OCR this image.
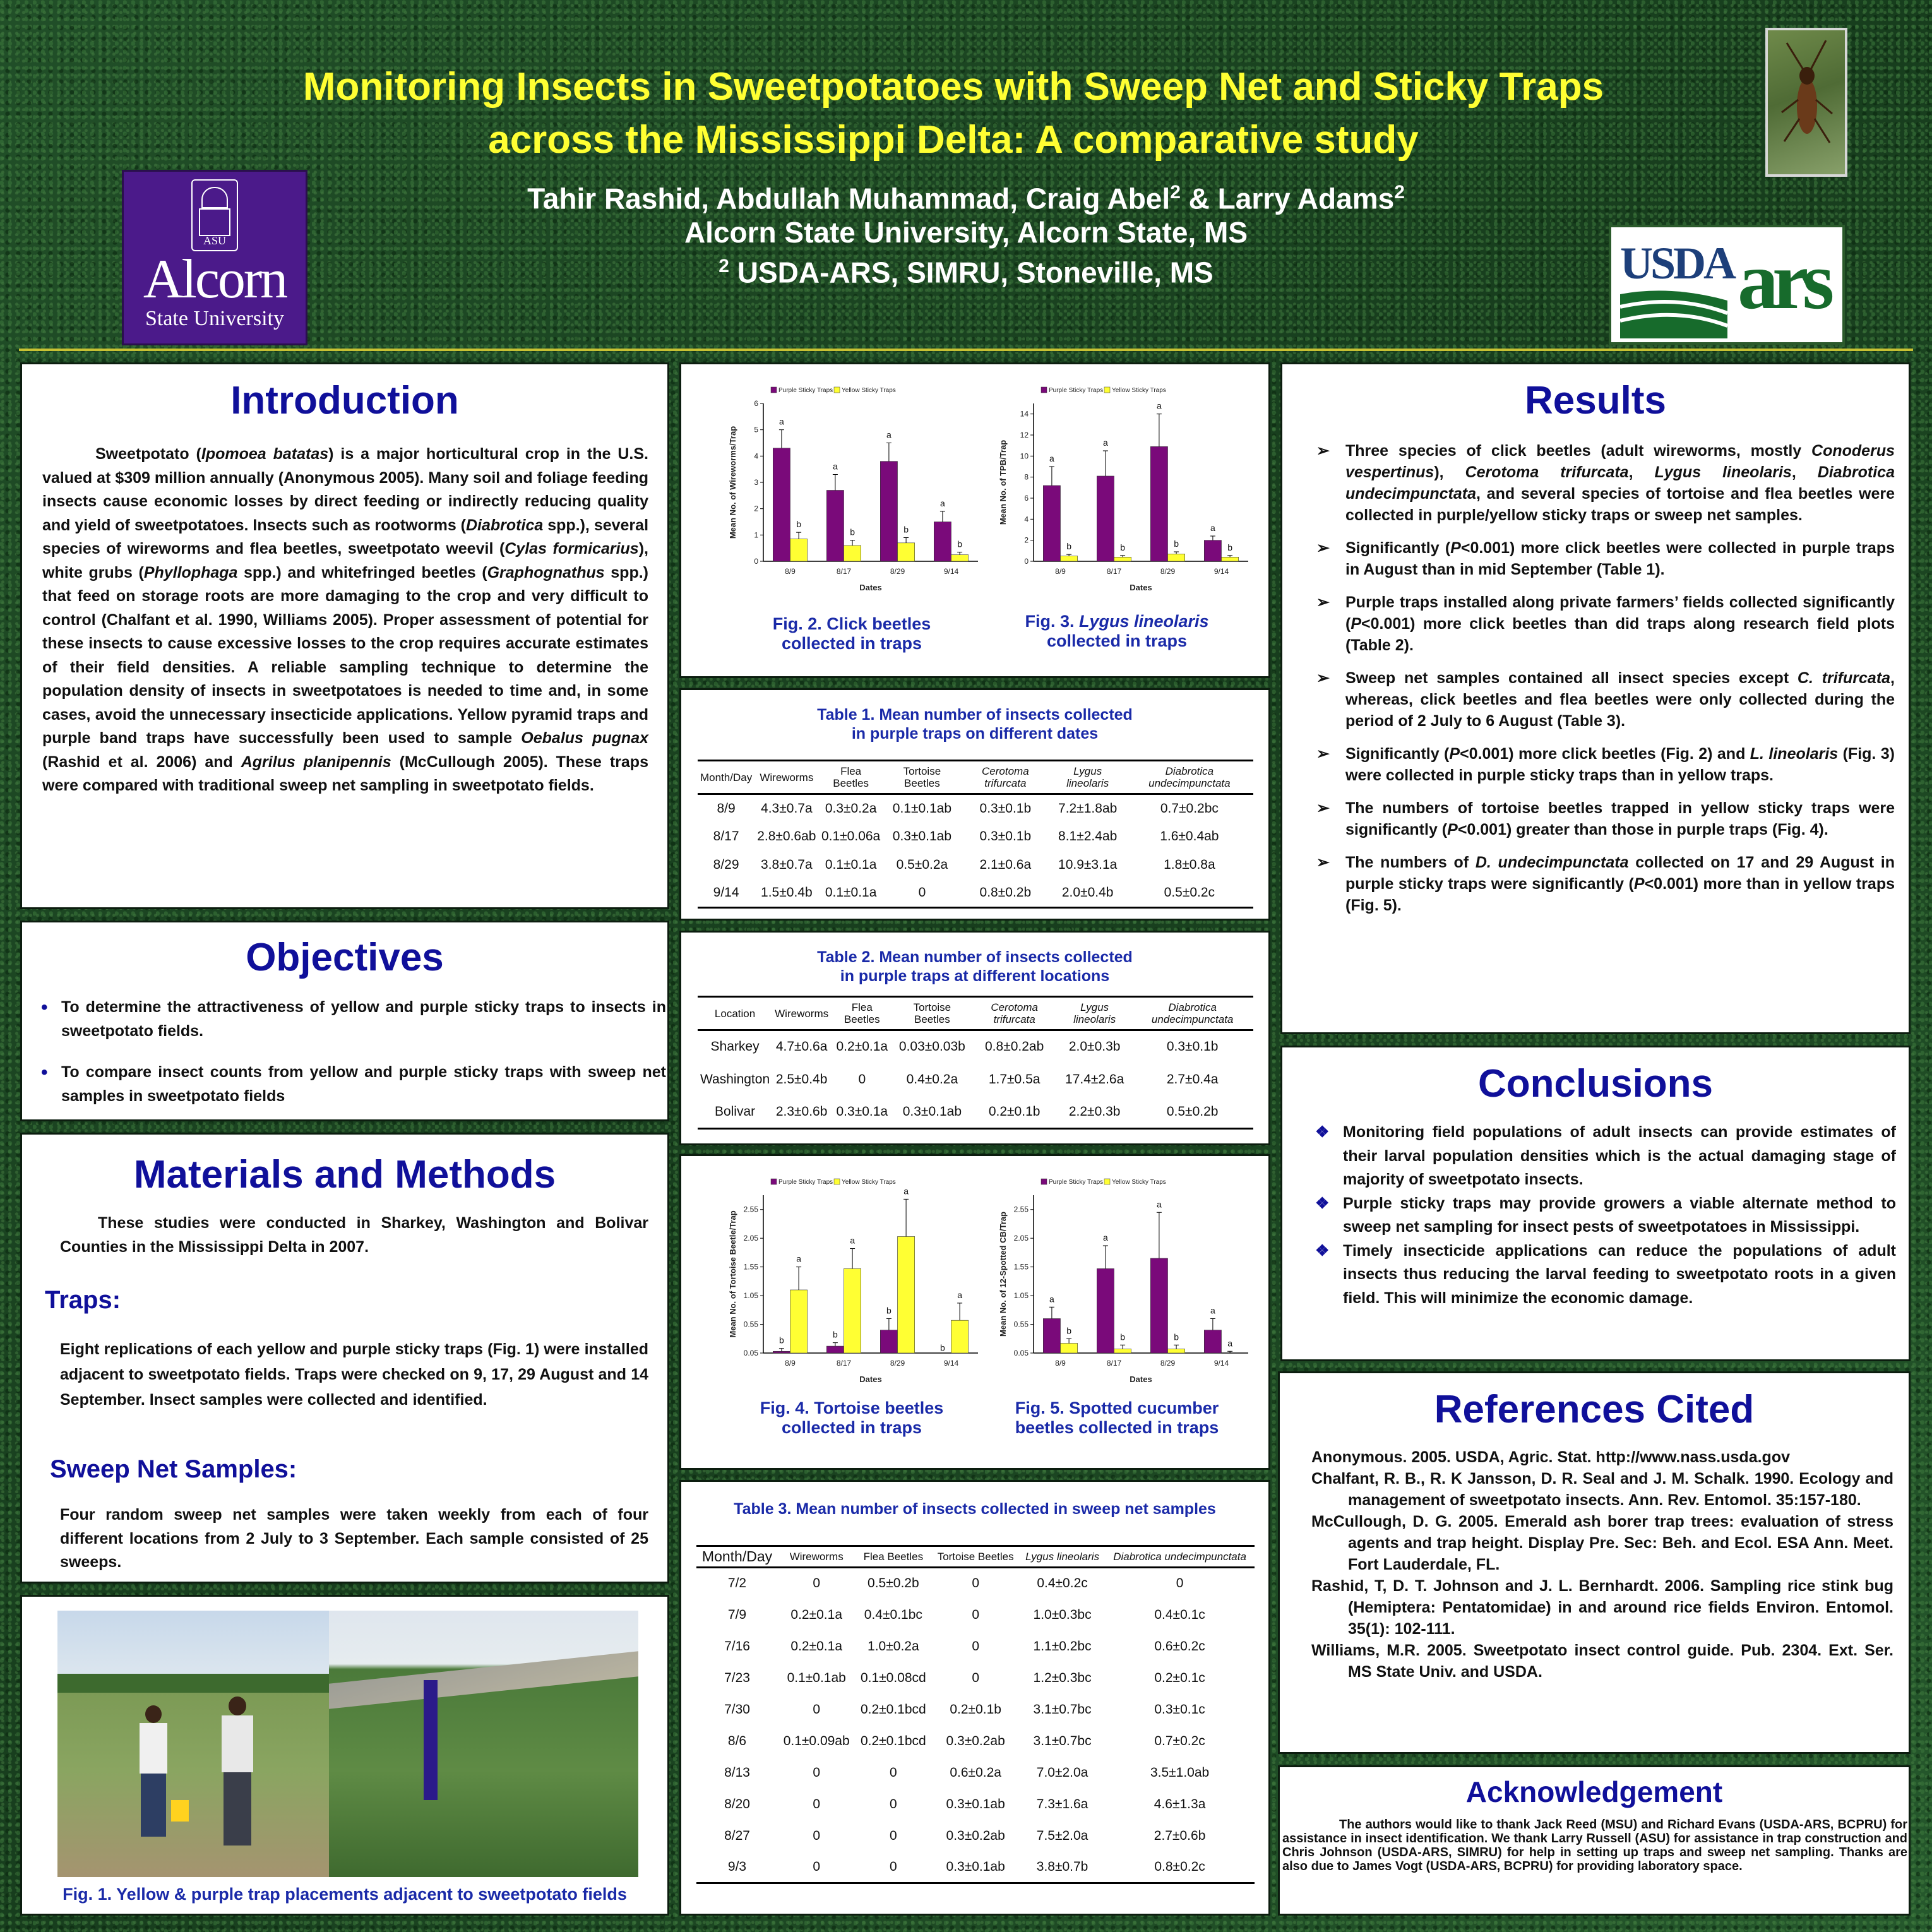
Monitoring Insects in Sweetpotatoes with Sweep Net and Sticky Traps
across the Mississippi Delta: A comparative study
Tahir Rashid, Abdullah Muhammad, Craig Abel$^2$ & Larry Adams$^2$
Alcorn State University, Alcorn State, MS
$^2$ USDA-ARS, SIMRU, Stoneville, MS
ASU
Alcorn
State University
USDA ars
Introduction
Sweetpotato (Ipomoea batatas) is a major horticultural crop in the U.S. valued at $309 million annually (Anonymous 2005). Many soil and foliage feeding insects cause economic losses by direct feeding or indirectly reducing quality and yield of sweetpotatoes. Insects such as rootworms (Diabrotica spp.), several species of wireworms and flea beetles, sweetpotato weevil (Cylas formicarius), white grubs (Phyllophaga spp.) and whitefringed beetles (Graphognathus spp.) that feed on storage roots are more damaging to the crop and very difficult to control (Chalfant et al. 1990, Williams 2005). Proper assessment of potential for these insects to cause excessive losses to the crop requires accurate estimates of their field densities. A reliable sampling technique to determine the population density of insects in sweetpotatoes is needed to time and, in some cases, avoid the unnecessary insecticide applications. Yellow pyramid traps and purple band traps have successfully been used to sample Oebalus pugnax (Rashid et al. 2006) and Agrilus planipennis (McCullough 2005). These traps were compared with traditional sweep net sampling in sweetpotato fields.
Objectives
• To determine the attractiveness of yellow and purple sticky traps to insects in sweetpotato fields.
• To compare insect counts from yellow and purple sticky traps with sweep net samples in sweetpotato fields
Materials and Methods
These studies were conducted in Sharkey, Washington and Bolivar Counties in the Mississippi Delta in 2007.
Traps:
Eight replications of each yellow and purple sticky traps (Fig. 1) were installed adjacent to sweetpotato fields. Traps were checked on 9, 17, 29 August and 14 September. Insect samples were collected and identified.
Sweep Net Samples:
Four random sweep net samples were taken weekly from each of four different locations from 2 July to 3 September. Each sample consisted of 25 sweeps.
Fig. 1. Yellow & purple trap placements adjacent to sweetpotato fields
Purple Sticky Traps Yellow Sticky Traps
0
1
2
3
4
5
6
Mean No. of Wireworms/Trap
a
b
8/9
a
b
8/17
a
b
8/29
a
b
9/14
Dates
Purple Sticky Traps Yellow Sticky Traps
0
2
4
6
8
10
12
14
Mean No. of TPB/Trap	a
b
8/9
a
b
8/17
a
b
8/29
a
b
9/14
Dates
Fig. 2. Click beetles
collected in traps
Fig. 3. Lygus lineolaris
collected in traps
Table 1. Mean number of insects collected
in purple traps on different dates
Month/Day	Wireworms	Flea Beetles	Tortoise Beetles	Cerotoma trifurcata	Lygus lineolaris	Diabrotica undecimpunctata
8/9	4.3±0.7a	0.3±0.2a	0.1±0.1ab	0.3±0.1b	7.2±1.8ab	0.7±0.2bc
8/17	2.8±0.6ab	0.1±0.06a	0.3±0.1ab	0.3±0.1b	8.1±2.4ab	1.6±0.4ab
8/29	3.8±0.7a	0.1±0.1a	0.5±0.2a	2.1±0.6a	10.9±3.1a	1.8±0.8a
9/14	1.5±0.4b	0.1±0.1a	0	0.8±0.2b	2.0±0.4b	0.5±0.2c
Table 2. Mean number of insects collected
in purple traps at different locations
Location	Wireworms	Flea Beetles	Tortoise Beetles	Cerotoma trifurcata	Lygus lineolaris	Diabrotica undecimpunctata
Sharkey	4.7±0.6a	0.2±0.1a	0.03±0.03b	0.8±0.2ab	2.0±0.3b	0.3±0.1b
Washington	2.5±0.4b	0	0.4±0.2a	1.7±0.5a	17.4±2.6a	2.7±0.4a
Bolivar	2.3±0.6b	0.3±0.1a	0.3±0.1ab	0.2±0.1b	2.2±0.3b	0.5±0.2b
Purple Sticky Traps Yellow Sticky Traps
0.05
0.55
1.05
1.55
2.05
2.55
Mean No. of Tortoise Beetle/Trap
b
a
8/9
b
a
8/17
b
a
8/29
b
a
9/14
Dates
Purple Sticky Traps Yellow Sticky Traps
0.05
0.55
1.05
1.55
2.05
2.55
Mean No. of 12-Spotted CB/Trap	a
b
8/9
a
b
8/17
a
b
8/29
a
a
9/14
Dates
Fig. 4. Tortoise beetles
collected in traps
Fig. 5. Spotted cucumber
beetles collected in traps
Table 3. Mean number of insects collected in sweep net samples
Month/Day	Wireworms	Flea Beetles	Tortoise Beetles	Lygus lineolaris	Diabrotica undecimpunctata
7/2	0	0.5±0.2b	0	0.4±0.2c	0
7/9	0.2±0.1a	0.4±0.1bc	0	1.0±0.3bc	0.4±0.1c
7/16	0.2±0.1a	1.0±0.2a	0	1.1±0.2bc	0.6±0.2c
7/23	0.1±0.1ab	0.1±0.08cd	0	1.2±0.3bc	0.2±0.1c
7/30	0	0.2±0.1bcd	0.2±0.1b	3.1±0.7bc	0.3±0.1c
8/6	0.1±0.09ab	0.2±0.1bcd	0.3±0.2ab	3.1±0.7bc	0.7±0.2c
8/13	0	0	0.6±0.2a	7.0±2.0a	3.5±1.0ab
8/20	0	0	0.3±0.1ab	7.3±1.6a	4.6±1.3a
8/27	0	0	0.3±0.2ab	7.5±2.0a	2.7±0.6b
9/3	0	0	0.3±0.1ab	3.8±0.7b	0.8±0.2c
Results
➢ Three species of click beetles (adult wireworms, mostly Conoderus vespertinus), Cerotoma trifurcata, Lygus lineolaris, Diabrotica undecimpunctata, and several species of tortoise and flea beetles were collected in purple/yellow sticky traps or sweep net samples.
➢ Significantly (P<0.001) more click beetles were collected in purple traps in August than in mid September (Table 1).
➢ Purple traps installed along private farmers’ fields collected significantly (P<0.001) more click beetles than did traps along research field plots (Table 2).
➢ Sweep net samples contained all insect species except C. trifurcata, whereas, click beetles and flea beetles were only collected during the period of 2 July to 6 August (Table 3).
➢ Significantly (P<0.001) more click beetles (Fig. 2) and L. lineolaris (Fig. 3) were collected in purple sticky traps than in yellow traps.
➢ The numbers of tortoise beetles trapped in yellow sticky traps were significantly (P<0.001) greater than those in purple traps (Fig. 4).
➢ The numbers of D. undecimpunctata collected on 17 and 29 August in purple sticky traps were significantly (P<0.001) more than in yellow traps (Fig. 5).
Conclusions
❖ Monitoring field populations of adult insects can provide estimates of their larval population densities which is the actual damaging stage of majority of sweetpotato insects.
❖ Purple sticky traps may provide growers a viable alternate method to sweep net sampling for insect pests of sweetpotatoes in Mississippi.
❖ Timely insecticide applications can reduce the populations of adult insects thus reducing the larval feeding to sweetpotato roots in a given field. This will minimize the economic damage.
References Cited
Anonymous. 2005. USDA, Agric. Stat. http://www.nass.usda.gov
Chalfant, R. B., R. K Jansson, D. R. Seal and J. M. Schalk. 1990. Ecology and management of sweetpotato insects. Ann. Rev. Entomol. 35:157-180.
McCullough, D. G. 2005. Emerald ash borer trap trees: evaluation of stress agents and trap height. Display Pre. Sec: Beh. and Ecol. ESA Ann. Meet. Fort Lauderdale, FL.
Rashid, T, D. T. Johnson and J. L. Bernhardt. 2006. Sampling rice stink bug (Hemiptera: Pentatomidae) in and around rice fields Environ. Entomol. 35(1): 102-111.
Williams, M.R. 2005. Sweetpotato insect control guide. Pub. 2304. Ext. Ser. MS State Univ. and USDA.
Acknowledgement
The authors would like to thank Jack Reed (MSU) and Richard Evans (USDA-ARS, BCPRU) for assistance in insect identification. We thank Larry Russell (ASU) for assistance in trap construction and Chris Johnson (USDA-ARS, SIMRU) for help in setting up traps and sweep net sampling. Thanks are also due to James Vogt (USDA-ARS, BCPRU) for providing laboratory space.
